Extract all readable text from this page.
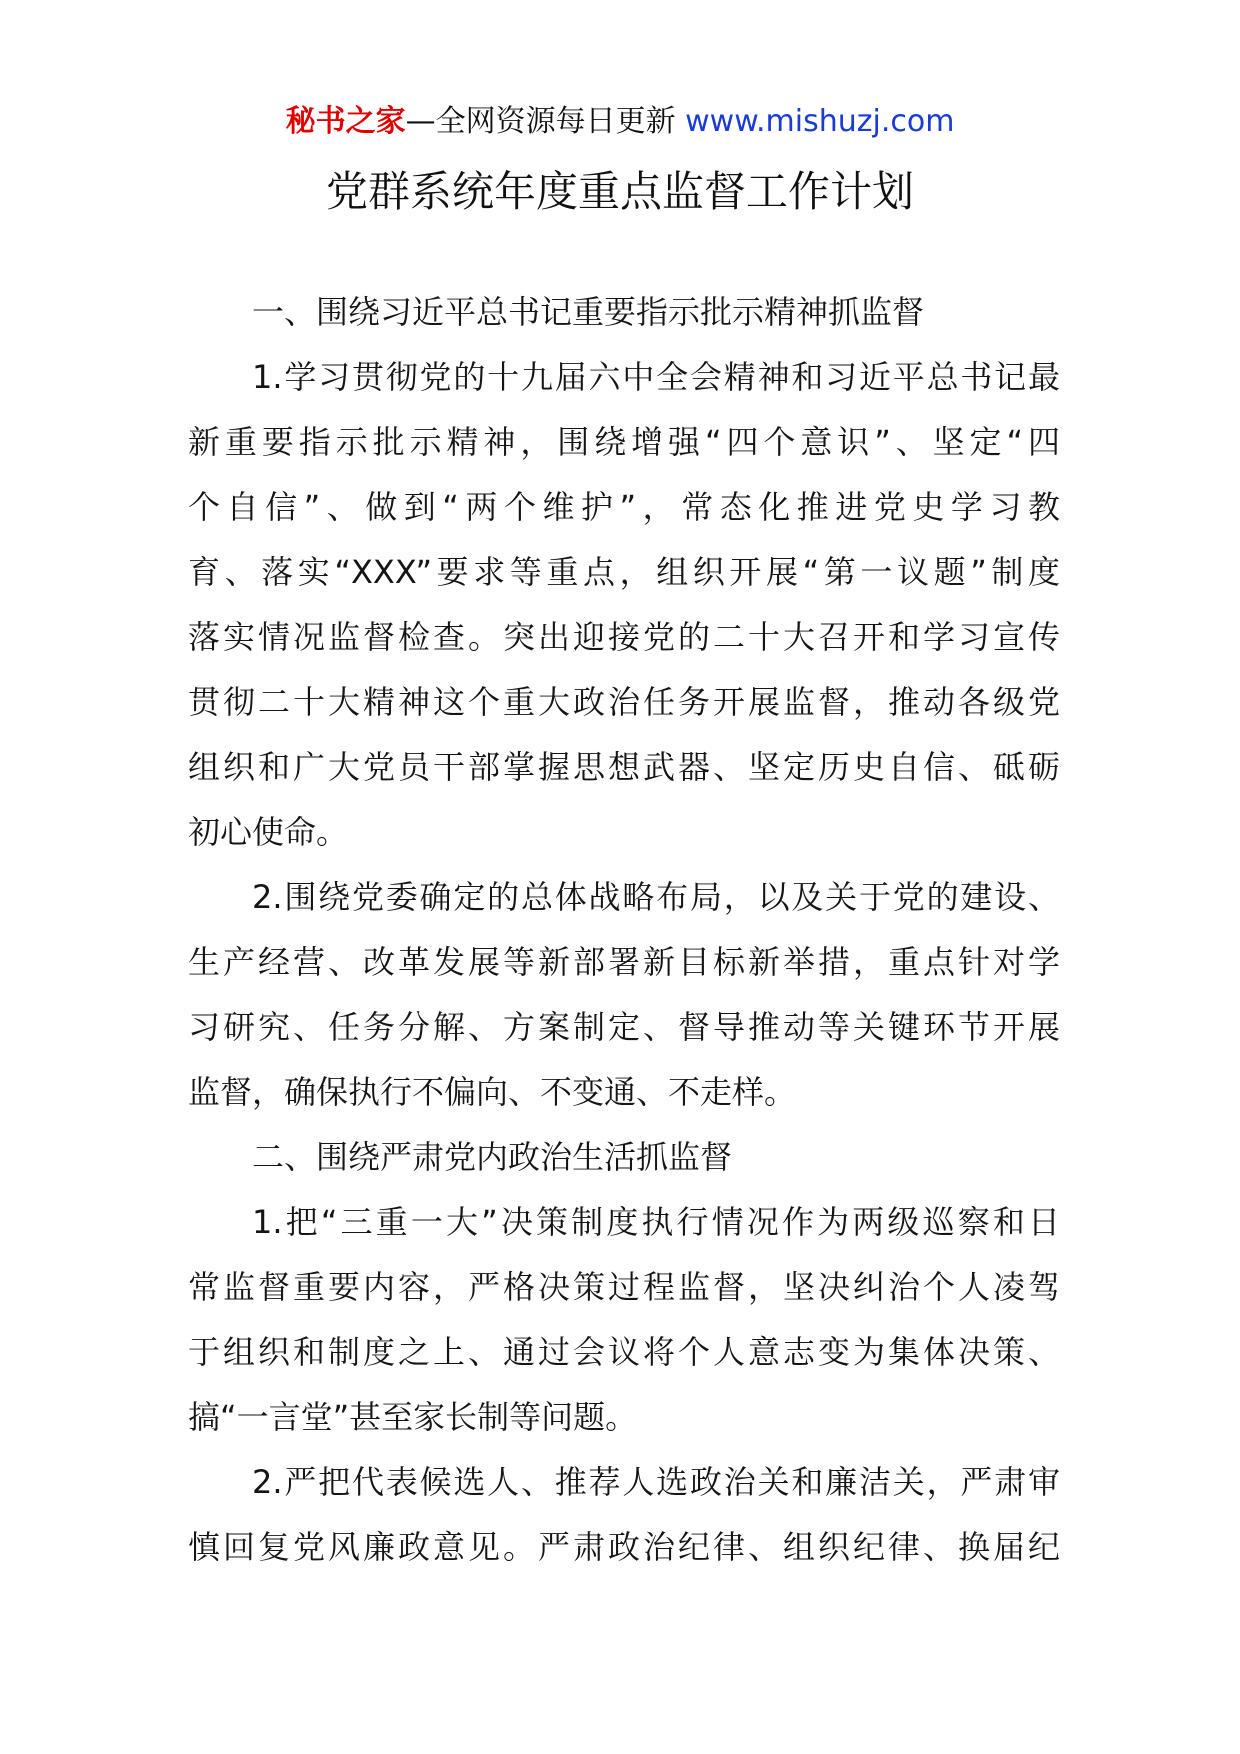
秘书之家—全网资源每日更新 www.mishuzj.com
党群系统年度重点监督工作计划
一、围绕习近平总书记重要指示批示精神抓监督
1.学习贯彻党的十九届六中全会精神和习近平总书记最
新重要指示批示精神，围绕增强“四个意识”、坚定“四
个自信”、做到“两个维护”，常态化推进党史学习教
育、落实“XXX”要求等重点，组织开展“第一议题”制度
落实情况监督检查。突出迎接党的二十大召开和学习宣传
贯彻二十大精神这个重大政治任务开展监督，推动各级党
组织和广大党员干部掌握思想武器、坚定历史自信、砥砺
初心使命。
2.围绕党委确定的总体战略布局，以及关于党的建设、
生产经营、改革发展等新部署新目标新举措，重点针对学
习研究、任务分解、方案制定、督导推动等关键环节开展
监督，确保执行不偏向、不变通、不走样。
二、围绕严肃党内政治生活抓监督
1.把“三重一大”决策制度执行情况作为两级巡察和日
常监督重要内容，严格决策过程监督，坚决纠治个人凌驾
于组织和制度之上、通过会议将个人意志变为集体决策、
搞“一言堂”甚至家长制等问题。
2.严把代表候选人、推荐人选政治关和廉洁关，严肃审
慎回复党风廉政意见。严肃政治纪律、组织纪律、换届纪
